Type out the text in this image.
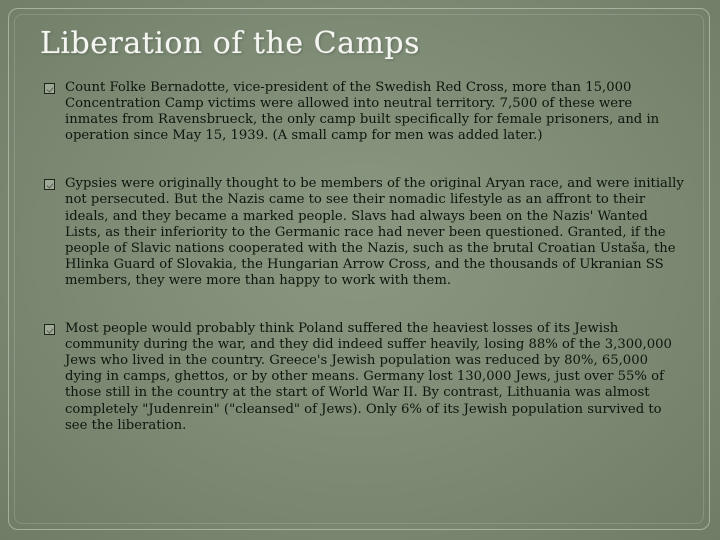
Liberation of the Camps
Count Folke Bernadotte, vice-president of the Swedish Red Cross, more than 15,000 Concentration Camp victims were allowed into neutral territory. 7,500 of these were inmates from Ravensbrueck, the only camp built specifically for female prisoners, and in operation since May 15, 1939. (A small camp for men was added later.)
Gypsies were originally thought to be members of the original Aryan race, and were initially not persecuted. But the Nazis came to see their nomadic lifestyle as an affront to their ideals, and they became a marked people. Slavs had always been on the Nazis' Wanted Lists, as their inferiority to the Germanic race had never been questioned. Granted, if the people of Slavic nations cooperated with the Nazis, such as the brutal Croatian Ustaša, the Hlinka Guard of Slovakia, the Hungarian Arrow Cross, and the thousands of Ukranian SS members, they were more than happy to work with them.
Most people would probably think Poland suffered the heaviest losses of its Jewish community during the war, and they did indeed suffer heavily, losing 88% of the 3,300,000 Jews who lived in the country. Greece's Jewish population was reduced by 80%, 65,000 dying in camps, ghettos, or by other means. Germany lost 130,000 Jews, just over 55% of those still in the country at the start of World War II. By contrast, Lithuania was almost completely "Judenrein" ("cleansed" of Jews). Only 6% of its Jewish population survived to see the liberation.
